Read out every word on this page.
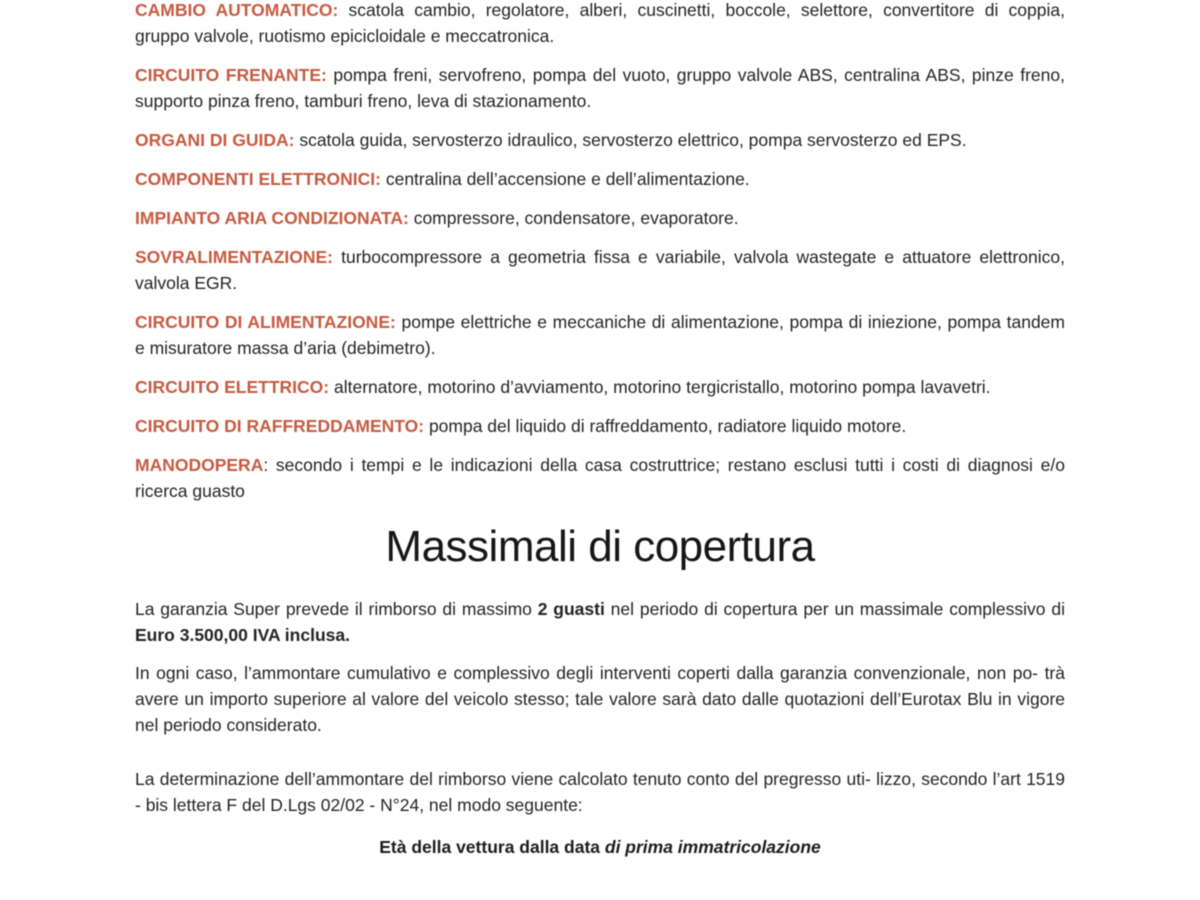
CAMBIO AUTOMATICO: scatola cambio, regolatore, alberi, cuscinetti, boccole, selettore, convertitore di coppia, gruppo valvole, ruotismo epicicloidale e meccatronica.

CIRCUITO FRENANTE: pompa freni, servofreno, pompa del vuoto, gruppo valvole ABS, centralina ABS, pinze freno, supporto pinza freno, tamburi freno, leva di stazionamento.

ORGANI DI GUIDA: scatola guida, servosterzo idraulico, servosterzo elettrico, pompa servosterzo ed EPS.

COMPONENTI ELETTRONICI: centralina dell’accensione e dell’alimentazione.

IMPIANTO ARIA CONDIZIONATA: compressore, condensatore, evaporatore.

SOVRALIMENTAZIONE: turbocompressore a geometria fissa e variabile, valvola wastegate e attuatore elettronico, valvola EGR.

CIRCUITO DI ALIMENTAZIONE: pompe elettriche e meccaniche di alimentazione, pompa di iniezione, pompa tandem e misuratore massa d’aria (debimetro).

CIRCUITO ELETTRICO: alternatore, motorino d’avviamento, motorino tergicristallo, motorino pompa lavavetri.

CIRCUITO DI RAFFREDDAMENTO: pompa del liquido di raffreddamento, radiatore liquido motore.

MANODOPERA: secondo i tempi e le indicazioni della casa costruttrice; restano esclusi tutti i costi di diagnosi e/o ricerca guasto

Massimali di copertura

La garanzia Super prevede il rimborso di massimo 2 guasti nel periodo di copertura per un massimale complessivo di Euro 3.500,00 IVA inclusa.

In ogni caso, l’ammontare cumulativo e complessivo degli interventi coperti dalla garanzia convenzionale, non po- trà avere un importo superiore al valore del veicolo stesso; tale valore sarà dato dalle quotazioni dell’Eurotax Blu in vigore nel periodo considerato.

La determinazione dell’ammontare del rimborso viene calcolato tenuto conto del pregresso uti- lizzo, secondo l’art 1519 - bis lettera F del D.Lgs 02/02 - N°24, nel modo seguente:

Età della vettura dalla data di prima immatricolazione
